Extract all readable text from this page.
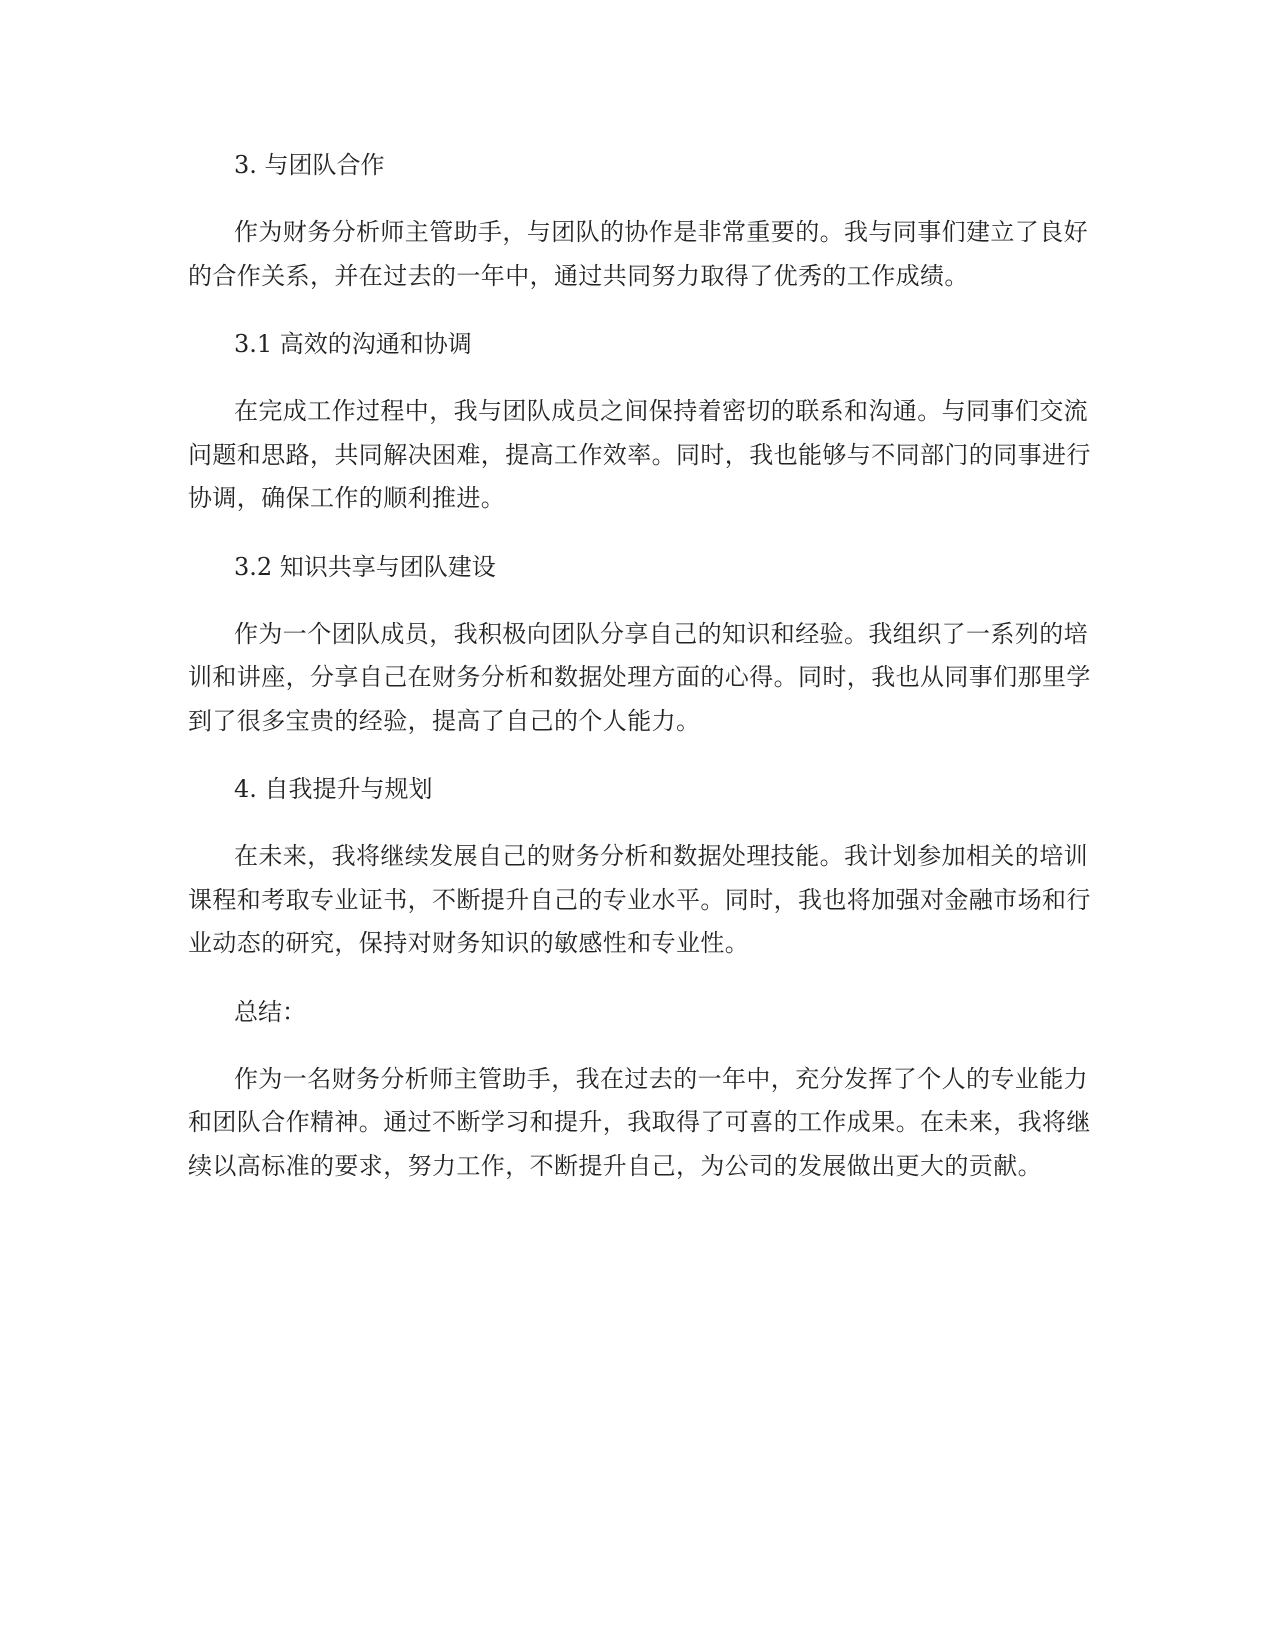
3. 与团队合作

作为财务分析师主管助手，与团队的协作是非常重要的。我与同事们建立了良好的合作关系，并在过去的一年中，通过共同努力取得了优秀的工作成绩。

3.1 高效的沟通和协调

在完成工作过程中，我与团队成员之间保持着密切的联系和沟通。与同事们交流问题和思路，共同解决困难，提高工作效率。同时，我也能够与不同部门的同事进行协调，确保工作的顺利推进。

3.2 知识共享与团队建设

作为一个团队成员，我积极向团队分享自己的知识和经验。我组织了一系列的培训和讲座，分享自己在财务分析和数据处理方面的心得。同时，我也从同事们那里学到了很多宝贵的经验，提高了自己的个人能力。

4. 自我提升与规划

在未来，我将继续发展自己的财务分析和数据处理技能。我计划参加相关的培训课程和考取专业证书，不断提升自己的专业水平。同时，我也将加强对金融市场和行业动态的研究，保持对财务知识的敏感性和专业性。

总结：

作为一名财务分析师主管助手，我在过去的一年中，充分发挥了个人的专业能力和团队合作精神。通过不断学习和提升，我取得了可喜的工作成果。在未来，我将继续以高标准的要求，努力工作，不断提升自己，为公司的发展做出更大的贡献。
